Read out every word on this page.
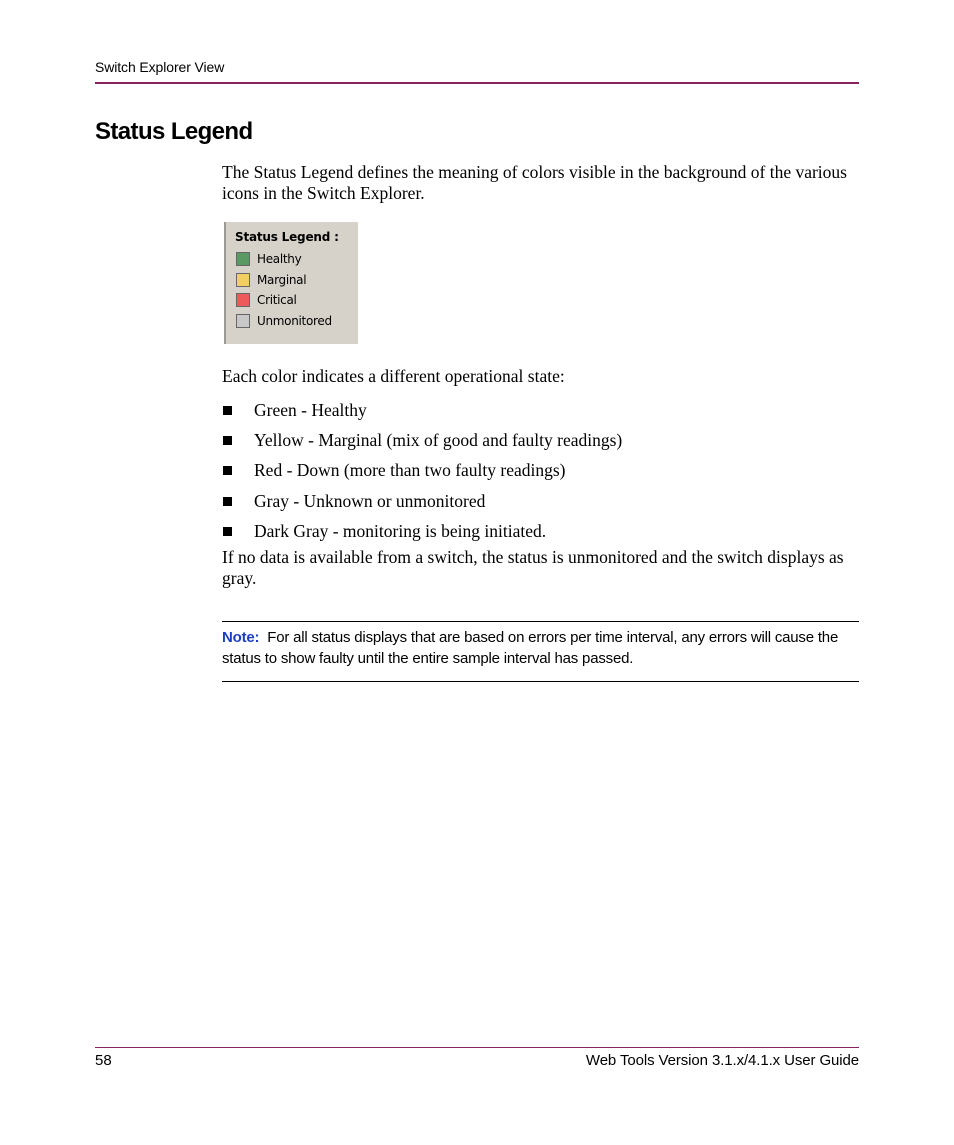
Switch Explorer View
Status Legend

The Status Legend defines the meaning of colors visible in the background of the various icons in the Switch Explorer.

Status Legend :
Healthy
Marginal
Critical
Unmonitored

Each color indicates a different operational state:

Green - Healthy
Yellow - Marginal (mix of good and faulty readings)
Red - Down (more than two faulty readings)
Gray - Unknown or unmonitored
Dark Gray - monitoring is being initiated.

If no data is available from a switch, the status is unmonitored and the switch displays as gray.

Note: For all status displays that are based on errors per time interval, any errors will cause the status to show faulty until the entire sample interval has passed.

58	Web Tools Version 3.1.x/4.1.x User Guide
